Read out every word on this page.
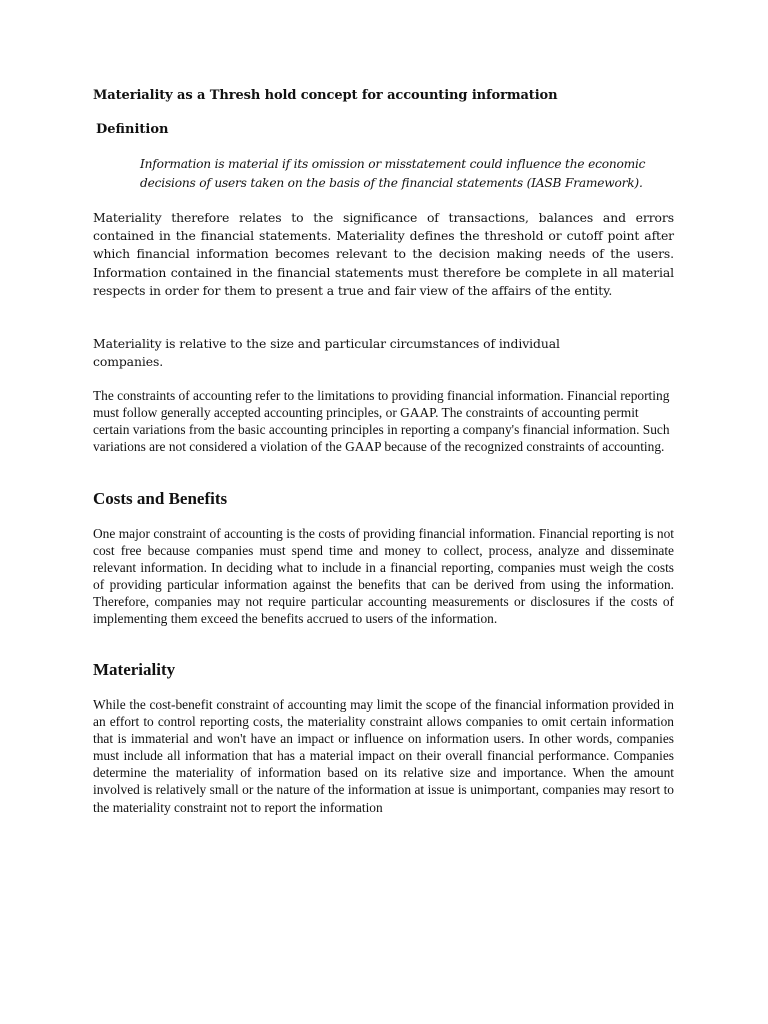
Materiality as a Thresh hold concept for accounting information
Definition
Information is material if its omission or misstatement could influence the economic decisions of users taken on the basis of the financial statements (IASB Framework).

Materiality therefore relates to the significance of transactions, balances and errors contained in the financial statements. Materiality defines the threshold or cutoff point after which financial information becomes relevant to the decision making needs of the users. Information contained in the financial statements must therefore be complete in all material respects in order for them to present a true and fair view of the affairs of the entity.

Materiality is relative to the size and particular circumstances of individual companies.

The constraints of accounting refer to the limitations to providing financial information. Financial reporting must follow generally accepted accounting principles, or GAAP. The constraints of accounting permit certain variations from the basic accounting principles in reporting a company's financial information. Such variations are not considered a violation of the GAAP because of the recognized constraints of accounting.

Costs and Benefits

One major constraint of accounting is the costs of providing financial information. Financial reporting is not cost free because companies must spend time and money to collect, process, analyze and disseminate relevant information. In deciding what to include in a financial reporting, companies must weigh the costs of providing particular information against the benefits that can be derived from using the information. Therefore, companies may not require particular accounting measurements or disclosures if the costs of implementing them exceed the benefits accrued to users of the information.

Materiality

While the cost-benefit constraint of accounting may limit the scope of the financial information provided in an effort to control reporting costs, the materiality constraint allows companies to omit certain information that is immaterial and won't have an impact or influence on information users. In other words, companies must include all information that has a material impact on their overall financial performance. Companies determine the materiality of information based on its relative size and importance. When the amount involved is relatively small or the nature of the information at issue is unimportant, companies may resort to the materiality constraint not to report the information
